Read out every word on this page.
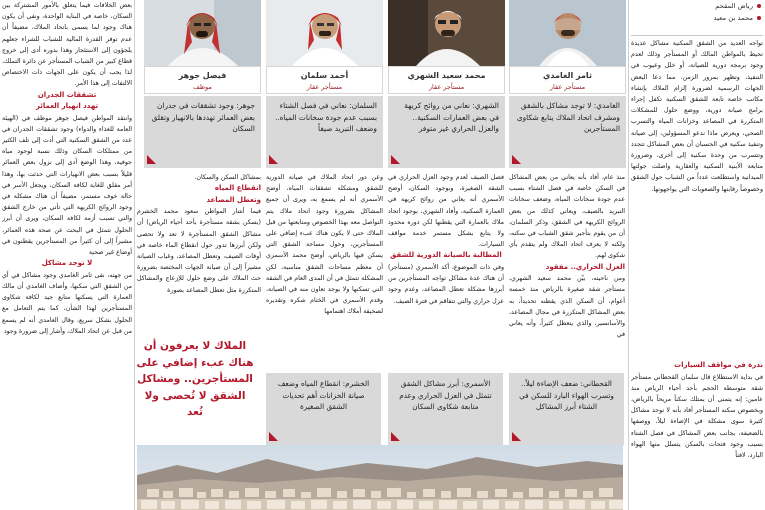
رياض المقحم
محمد بن معيد

تواجه العديد من الشقق السكنية مشاكل عديدة تحيط بالمواطن المالك أو المستأجر وذلك لعدم وجود برمجة دورية للصيانة، أو خلل وعيوب في التنفيذ، وتظهر بمرور الزمن، مما دعا البعض الجهات الرسمية لضرورة إلزام الملاك بإنشاء مكاتب خاصة تابعة للشقق السكنية تكفل إجراء برامج صيانة دورية، ووضع حلول للمشكلات المتكررة في المصاعد وخزانات المياه والتسرب الصحي، ويعرض ماذا ندعو المسؤولين، إلى صيانة وتنفيذ سكنية في الحسبان أن بعض المشاكل تتجدد وتتسرب من وحدة سكنية إلى أخرى، وضرورة متابعة الأبنية السكنية والعقارية واصلت جولتها الميدانية واستطلعت عدداً من الشباب حول الشقق وخصوصاً رقابتها والصعوبات التي يواجهونها.

ندرة في مواقف السيارات

في بداية الاستطلاع قال سلمان القحطاني مستأجر شقة متوسطة الحجم بأحد أحياء الرياض منذ عامين: إنه يتمنى أن يمتلك سكناً مريحاً بالرياض، وبخصوص سكنه المستأجر أفاد بأنه لا توجد مشاكل كثيرة سوى مشكلة في الإضاءة ليلاً، ووصفها بالضعيفة، بجانب بعض المشاكل في فصل الشتاء بسبب وجود فتحات بالسكن يتسلل منها الهواء البارد، لافتاً

ثامر الغامدي
مستأجر عقار
الغامدي: لا توجد مشاكل بالشقق ومشرف اتحاد الملاك يتابع شكاوى المستأجرين
محمد سعيد الشهري
مستأجر عقار
الشهري: نعاني من روائح كريهة في بعض العمارات السكنية.. والعزل الحراري غير متوفر
أحمد سلمان
مستأجر عقار
السلمان: نعاني في فصل الشتاء بسبب عدم جودة سخانات المياه.. وضعف التبريد صيفاً
فيصل جوهر
موظف
جوهر: وجود تشققات في جدران بعض العمائر تهددها بالانهيار وتقلق السكان

منذ عام، أفاد بأنه يعاني من بعض المشاكل في السكن خاصة في فصل الشتاء بسبب عدم جودة سخانات المياه، وضعف سخانات التبريد بالصيف، ويعاني كذلك من بعض الروائح الكريهة في الشقق، وذكر السلمان، أن من يقوم بتأجير شقق الشباب في سكنه، ولكنه لا يعرف اتحاد الملاك ولم يتقدم بأي شكوى لهم.

العزل الحراري.. مفقود

ومن ناحيته، بيّن محمد سعيد الشهري، مستأجر شقة صغيرة بالرياض منذ خمسة أعوام، أن السكن الذي يقطنه تحديداً، به بعض المشاكل المتكررة في مجال المصاعد، والأسانسير، والذي يتعطل كثيراً، وأنه يعاني في

فصل الصيف لعدم وجود العزل الحراري في الشقة الصغيرة، وبوجود السكان، أوضح الأسمري أنه يعاني من روائح كريهة في العمارة السكنية، وأفاد الشهري، بوجود اتحاد ملاك بالعمارة التي يقطنها لكن دوره محدود ولا يتابع بشكل مستمر خدمة مواقف السيارات.

المطالبة بالصيانة الدورية للشقق

وفي ذات الموضوع، أكد الأسمري (مستأجر) أن هناك عدة مشاكل تواجه المستأجرين من أبرزها مشكلة تعطل المصاعد، وعدم وجود عزل حراري والتي تتفاقم في فترة الصيف.

وعن دور اتحاد الملاك في صيانة الدورية للشقق ومشكلة تشققات المياه، أوضح الأسمري أنه لم يسمع به، ويرى أن جميع المشاكل بضرورة وجود اتحاد ملاك يتم التواصل معه بهذا الخصوص ومتابعتها من قبل الملاك حتى لا يكون هناك عبء إضافي على المستأجرين، وحول مساحة الشقق التي يسكن فيها بالرياض، أوضح محمد الأسمري أن معظم مساحات الشقق مناسبة، لكن المشكلة تتمثل في أن المدى العام في الشقة التي تسكنها ولا يوجد تعاون منه في الصيانة، وقدم الأسمري في الختام شكره وتقديره لصحيفة أملاك اهتمامها

بمشاكل السكن والسكان.

انقطاع المياه
وتعطل المصاعد

فيما أشار المواطن سعود محمد الخشرم (يسكن بشقة مستأجرة بأحد أحياء الرياض) أن مشاكل الشقق المستأجرة لا تعد ولا تحصى ولكن أبرزها تدور حول انقطاع الماء خاصة في أوقات الصيف، وتعطل المصاعد، وغياب الصيانة مشيراً إلى أن صيانة الجهات المختصة بضرورة حث الملاك على وضع حلول للإزعاج والمشاكل المتكررة مثل تعطل المصاعد بصورة

الملاك لا يعرفون أن هناك عبء إضافي على المستأجرين.. ومشاكل الشقق لا تُحصى ولا تُعد

بعض الخلافات فيما يتعلق بالأمور المشتركة بين السكان، خاصة في البناية الواحدة، ونفى أن يكون هناك وجود لما يسمى باتحاد الملاك، مضيفاً أن عدم توفر القدرة المالية للشباب للشراء جعلهم يلجؤون إلى الاستئجار وهذا بدوره أدى إلى خروج قطاع كبير من الشباب المستأجر عن دائرة التملك، لذا يجب أن يكون على الجهات ذات الاختصاص الالتفات إلى هذا الأمر.

تشققات الجدران
تهدد انهيار العمائر

وانتقد المواطن فيصل جوهر موظف في (الهيئة العامة للغذاء والدواء) وجود تشققات الجدران في عدد من الشقق السكنية التي أدت إلى تلف الكثير من ممتلكات السكان وذلك نسبة لوجود مياه جوفية، وهذا الوضع أدى إلى نزول بعض العمائر قليلاً بسبب بعض الانهيارات التي حدثت بها، وهذا أمر مقلق للغاية لكافة السكان، ويجعل الأسر في حالة خوف مستمر، مضيفاً أن هناك مشكلة في وجود الروائح الكريهة التي تأتي من خارج الشقق والتي تسبب أزمة لكافة السكان، ويرى أن أبرز الحلول تتمثل في البحث عن صحة هذه العمائر، مشيراً إلى أن كثيراً من المستأجرين يقطنون في أوضاع غير صحية

لا توجد مشاكل

من جهته، نفى ثامر الغامدي وجود مشاكل في أي من الشقق التي سكنها، وأضاف الغامدي أن مالك العمارة التي يسكنها متابع جيد لكافة شكاوى المستأجرين لهذا الشأن، كما يتم التعامل مع الحلول بشكل سريع، وقال الغامدي أنه لم يسمع من قبل عن اتحاد الملاك، وأشار إلى ضرورة وجود

القحطاني: ضعف الإضاءة ليلاً.. وتسرب الهواء البارد للسكن في الشتاء أبرز المشاكل
الأسمري: أبرز مشاكل الشقق تتمثل في العزل الحراري وعدم متابعة شكاوى السكان
الخشرم: انقطاع المياه وضعف صيانة الخزانات أهم تحديات الشقق الصغيرة
